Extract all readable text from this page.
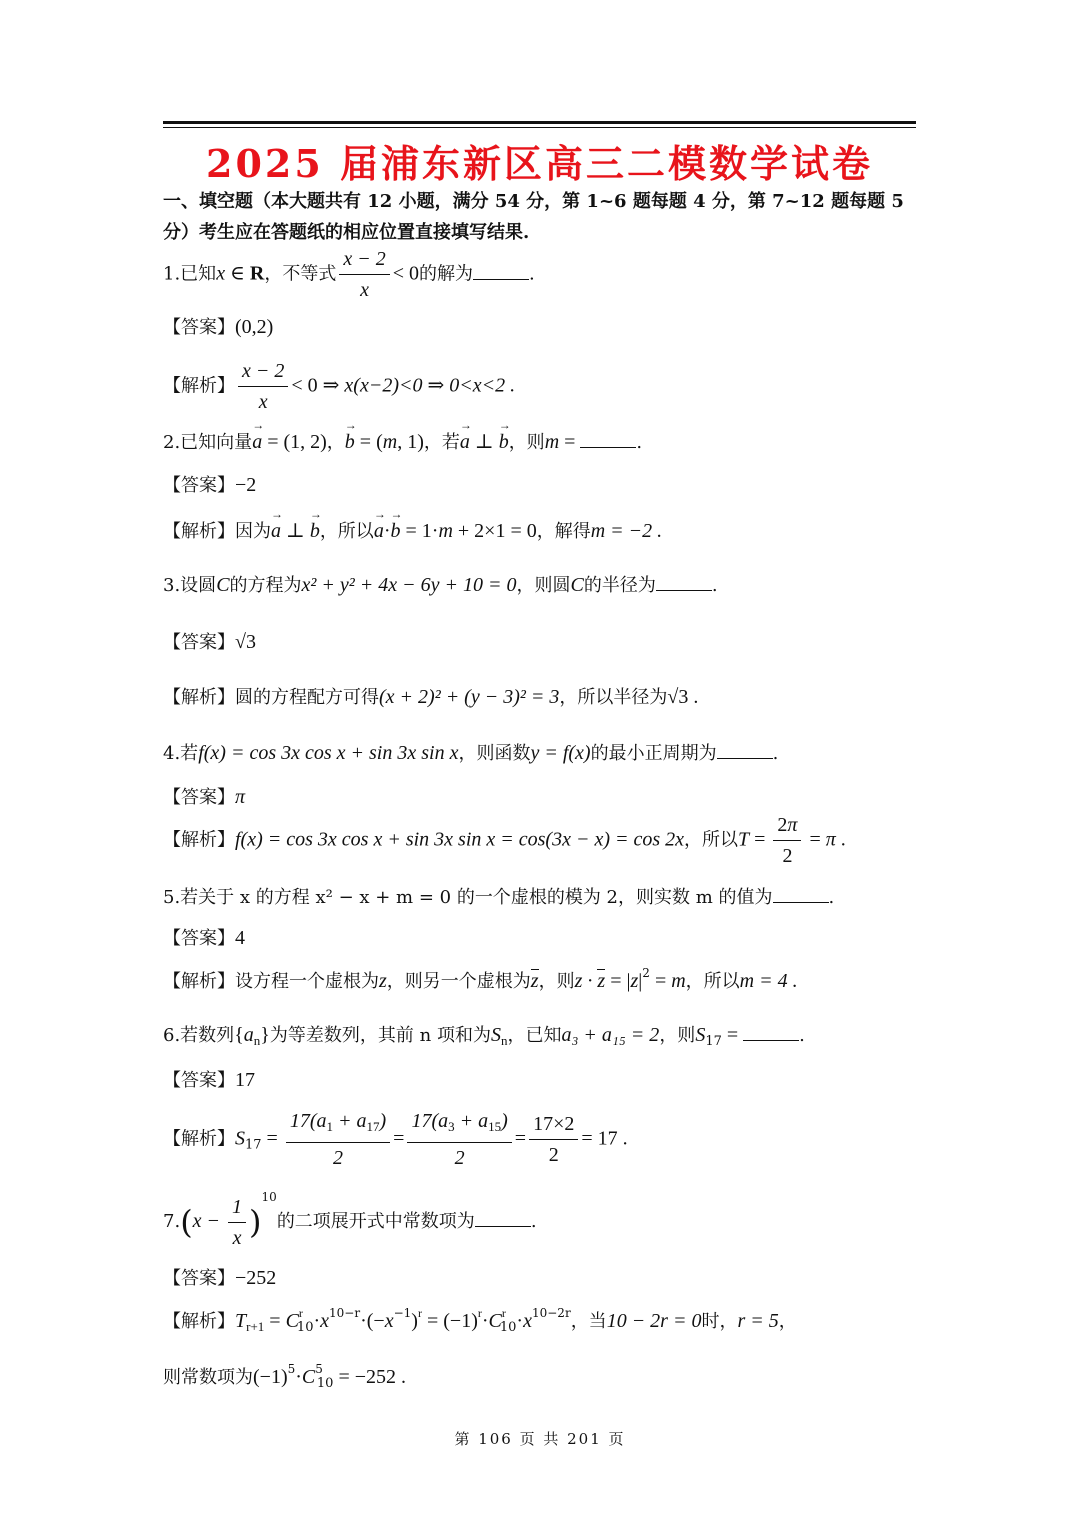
2025 届浦东新区高三二模数学试卷
一、填空题（本大题共有 12 小题，满分 54 分，第 1~6 题每题 4 分，第 7~12 题每题 5 分）考生应在答题纸的相应位置直接填写结果.
1.已知x ∈ R，不等式 $\frac{x - 2}{x} < 0$的解为	.
【答案】(0,2)
【解析】 $\frac{x - 2}{x} < 0$ ⇒ x(x−2)<0 ⇒ 0<x<2 .
2.已知向量→ a = (1, 2)，→ b = (m, 1)，若→ a ⊥ → b，则m =	.
【答案】−2
【解析】因为→ a ⊥ → b，所以→ a·→ b = 1·m + 2×1 = 0，解得m = −2 .
3.设圆C的方程为x² + y² + 4x − 6y + 10 = 0，则圆C的半径为	.
【答案】√3
【解析】圆的方程配方可得(x + 2)² + (y − 3)² = 3，所以半径为√3 .
4.若f(x) = cos 3x cos x + sin 3x sin x，则函数y = f(x)的最小正周期为	.
【答案】π
【解析】f(x) = cos 3x cos x + sin 3x sin x = cos(3x − x) = cos 2x，所以$T = \frac{2\pi}{2} = \pi$ .
5.若关于 x 的方程 x² − x + m = 0 的一个虚根的模为 2，则实数 m 的值为	.
【答案】4
【解析】设方程一个虚根为z，则另一个虚根为z，则$z \cdot z = |z|^2 = m$，所以m = 4 .
6.若数列$\{a_n\}$为等差数列，其前 n 项和为$S_n$，已知a₃ + a₁₅ = 2，则$S_{17}$ =	.
【答案】17
【解析】$S_{17} = \frac{17(a_1 + a_{17})}{2} = \frac{17(a_3 + a_{15})}{2} = \frac{17\times 2}{2} = 17$ .
$7.(x - \frac{1}{x} )^{10}$的二项展开式中常数项为	.
【答案】−252
【解析】$T_{r+1} = C^r_{10}\cdot x^{10-r}\cdot(-x^{-1})^r = (-1)^r\cdot C^r_{10}\cdot x^{10-2r}$，当10 − 2r = 0时，r = 5，
则常数项为$(-1)^5\cdot C^5_{10} = -252$ .
第 106 页 共 201 页
